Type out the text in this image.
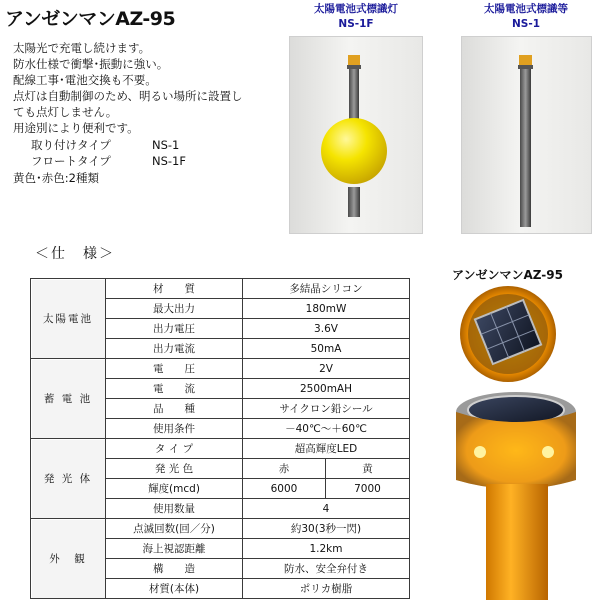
アンゼンマンAZ-95
太陽光で充電し続けます。
防水仕様で衝撃･振動に強い。
配線工事･電池交換も不要。
点灯は自動制御のため、明るい場所に設置し
ても点灯しません。
用途別により便利です。
取り付けタイプ	NS-1
フロートタイプ	NS-1F
黄色･赤色:2種類
太陽電池式標識灯
NS-1F
太陽電池式標識等
NS-1
＜仕　様＞
太陽電池	材　　質	多結晶シリコン	
	最大出力	180mW	
	出力電圧	3.6V	
	出力電流	50mA	
蓄 電 池	電　　圧	2V	
	電　　流	2500mAH	
	品　　種	サイクロン鉛シール	
	使用条件	－40℃～＋60℃	
発 光 体	タ イ プ	超高輝度LED	
	発 光 色	赤	黄
	輝度(mcd)	6000	7000
	使用数量	4	
外　観	点滅回数(回／分)	約30(3秒一閃)	
	海上視認距離	1.2km	
	構　　造	防水、安全弁付き	
	材質(本体)	ポリカ樹脂	
アンゼンマンAZ-95
